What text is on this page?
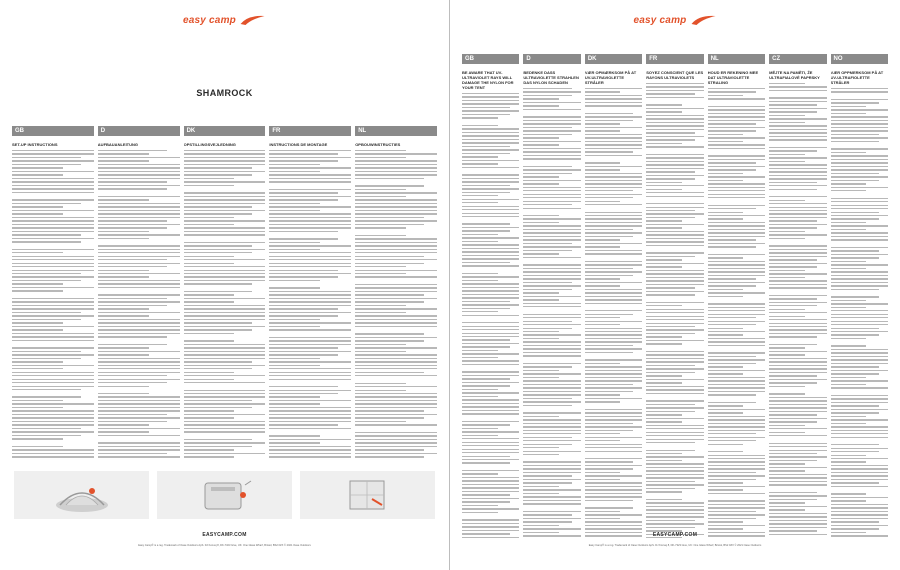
easy camp
SHAMROCK
GB	D	DK	FR	NL
SET-UP INSTRUCTIONS	AUFBAUANLEITUNG	OPSTILLINGSVEJLEDNING	INSTRUCTIONS DE MONTAGE	OPBOUWINSTRUCTIES
EASYCAMP.COM
Easy Camp® is a reg. Trademark of Oase Outdoors ApS. DJ Konvej 8, DK-7323 Give, UK: One Glass Wharf, Bristol, BS2 0ZX © 2021 Oase Outdoors
easy camp
GB	D	DK	FR	NL	CZ	NO
BE AWARE THAT UV-ULTRAVIOLET RAYS WILL DAMAGE THE NYLON FOR YOUR TENT
BEDENKE DASS ULTRAVIOLETTE STRAHLEN DAS NYLON SCHADEN
VÆR OPMÆRKSOM PÅ AT UV-ULTRAVIOLETTE STRÅLER
SOYEZ CONSCIENT QUE LES RAYONS ULTRAVIOLETS
HOUD ER REKENING MEE DAT ULTRAVIOLETTE STRALING
MĚJTE NA PAMĚTI, ŽE ULTRAFIALOVÉ PAPRSKY
VÆR OPPMERKSOM PÅ AT UV-ULTRAFIOLETTE STRÅLER
EASYCAMP.COM
Easy Camp® is a reg. Trademark of Oase Outdoors ApS. DJ Konvej 8, DK-7323 Give, UK: One Glass Wharf, Bristol, BS2 0ZX © 2021 Oase Outdoors
